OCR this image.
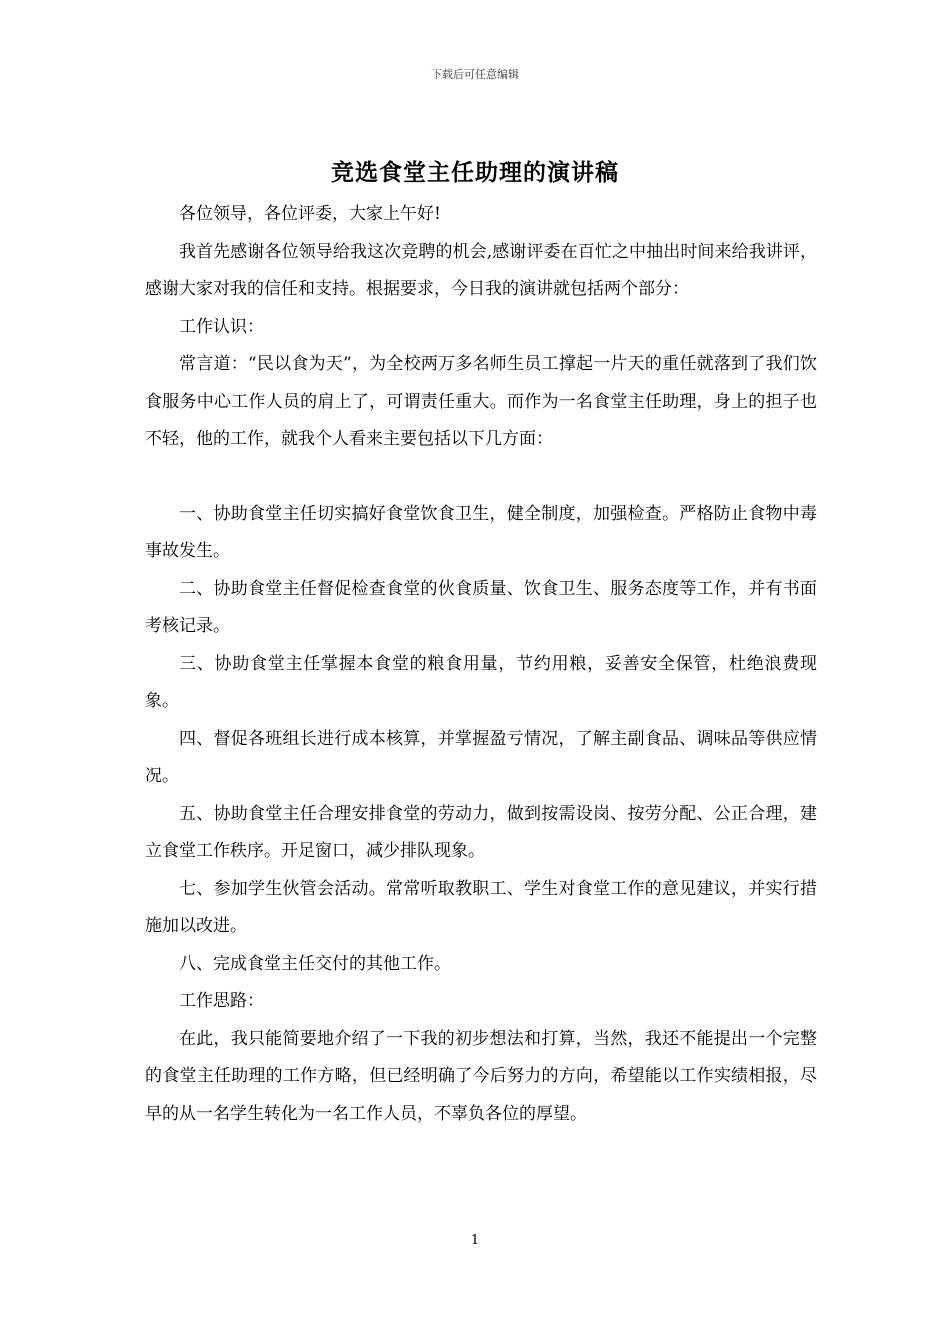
下载后可任意编辑
竞选食堂主任助理的演讲稿

各位领导，各位评委，大家上午好!

我首先感谢各位领导给我这次竞聘的机会,感谢评委在百忙之中抽出时间来给我讲评，感谢大家对我的信任和支持。根据要求，今日我的演讲就包括两个部分：

工作认识：

常言道：“民以食为天”，为全校两万多名师生员工撑起一片天的重任就落到了我们饮食服务中心工作人员的肩上了，可谓责任重大。而作为一名食堂主任助理，身上的担子也不轻，他的工作，就我个人看来主要包括以下几方面：

一、协助食堂主任切实搞好食堂饮食卫生，健全制度，加强检查。严格防止食物中毒事故发生。

二、协助食堂主任督促检查食堂的伙食质量、饮食卫生、服务态度等工作，并有书面考核记录。

三、协助食堂主任掌握本食堂的粮食用量，节约用粮，妥善安全保管，杜绝浪费现象。

四、督促各班组长进行成本核算，并掌握盈亏情况，了解主副食品、调味品等供应情况。

五、协助食堂主任合理安排食堂的劳动力，做到按需设岗、按劳分配、公正合理，建立食堂工作秩序。开足窗口，减少排队现象。

七、参加学生伙管会活动。常常听取教职工、学生对食堂工作的意见建议，并实行措施加以改进。

八、完成食堂主任交付的其他工作。

工作思路：

在此，我只能简要地介绍了一下我的初步想法和打算，当然，我还不能提出一个完整的食堂主任助理的工作方略，但已经明确了今后努力的方向，希望能以工作实绩相报，尽早的从一名学生转化为一名工作人员，不辜负各位的厚望。

1
